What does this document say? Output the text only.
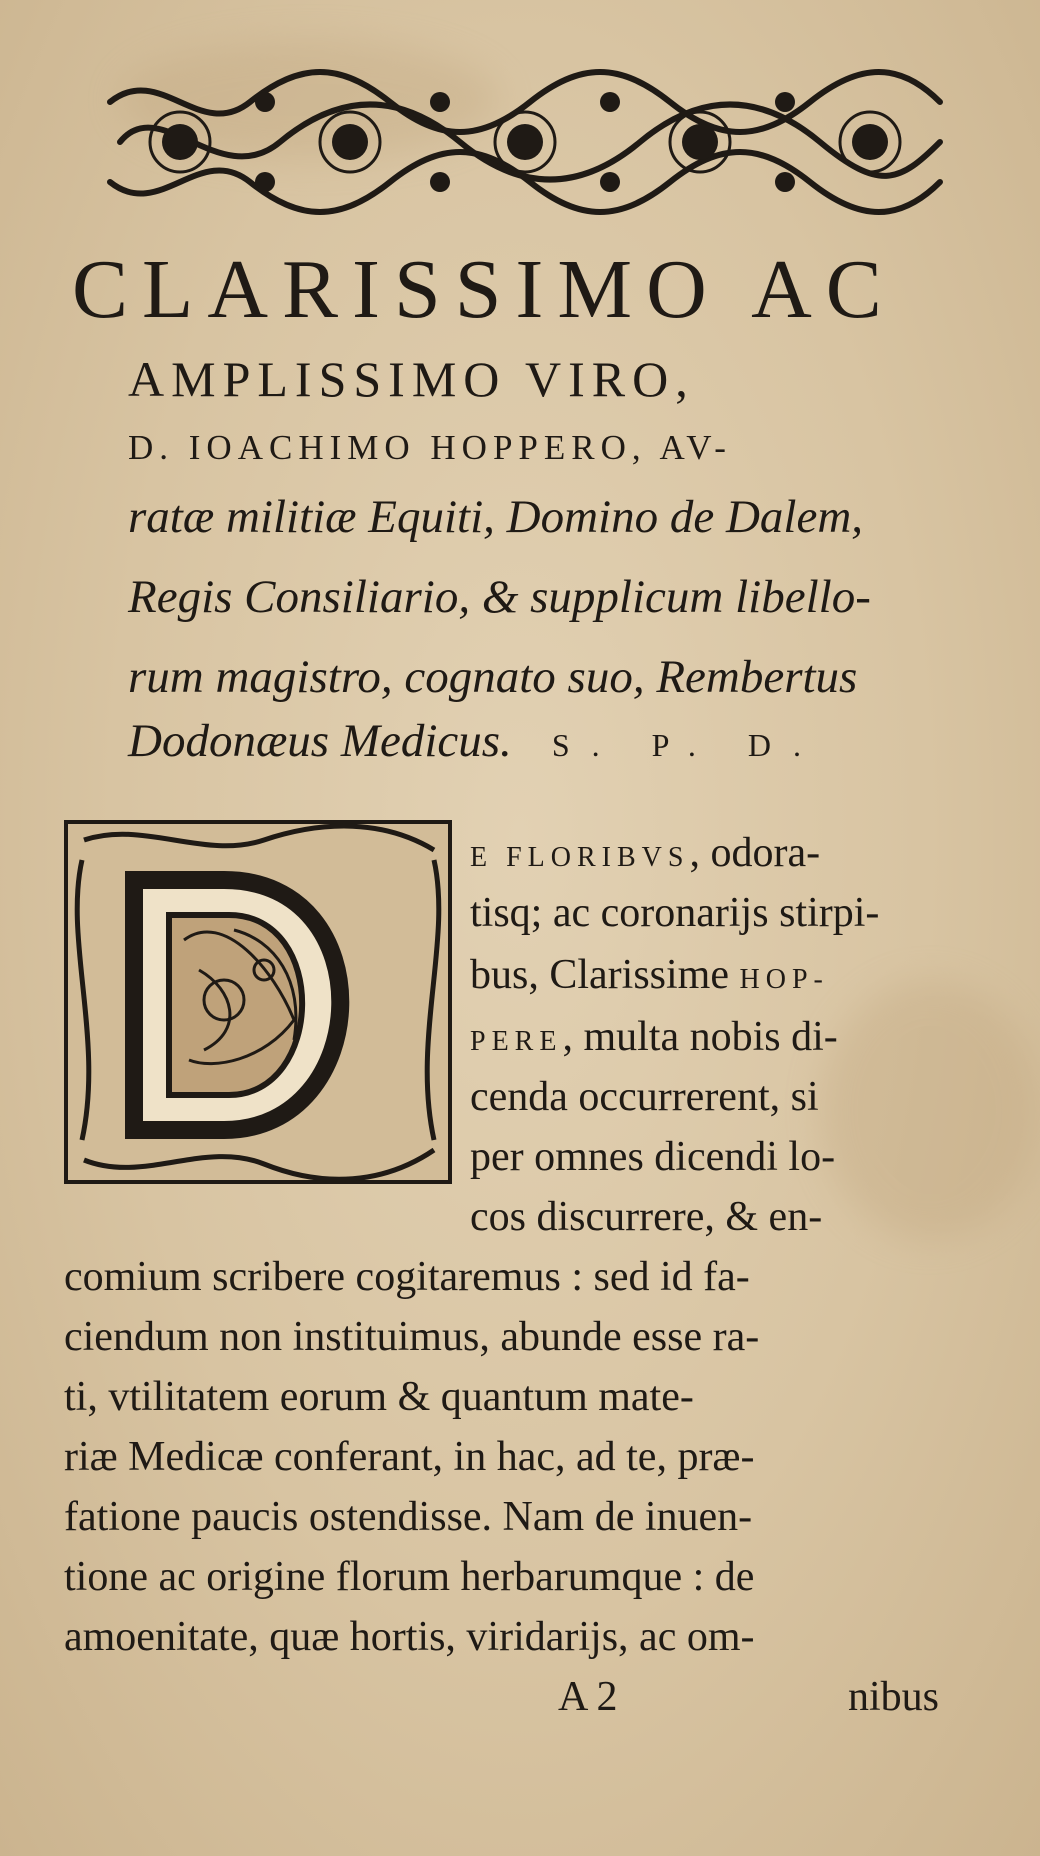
CLARISSIMO AC
AMPLISSIMO VIRO,
D. IOACHIMO HOPPERO, AV-
ratæ militiæ Equiti, Domino de Dalem,
Regis Consiliario, & supplicum libello-
rum magistro, cognato suo, Rembertus
Dodonæus Medicus. S. P. D.
E FLORIBVS, odora-
tisq; ac coronarijs stirpi-
bus, Clarissime HOP-
PERE, multa nobis di-
cenda occurrerent, si
per omnes dicendi lo-
cos discurrere, & en-
comium scribere cogitaremus : sed id fa-
ciendum non instituimus, abunde esse ra-
ti, vtilitatem eorum & quantum mate-
riæ Medicæ conferant, in hac, ad te, præ-
fatione paucis ostendisse. Nam de inuen-
tione ac origine florum herbarumque : de
amoenitate, quæ hortis, viridarijs, ac om-
A 2	nibus
